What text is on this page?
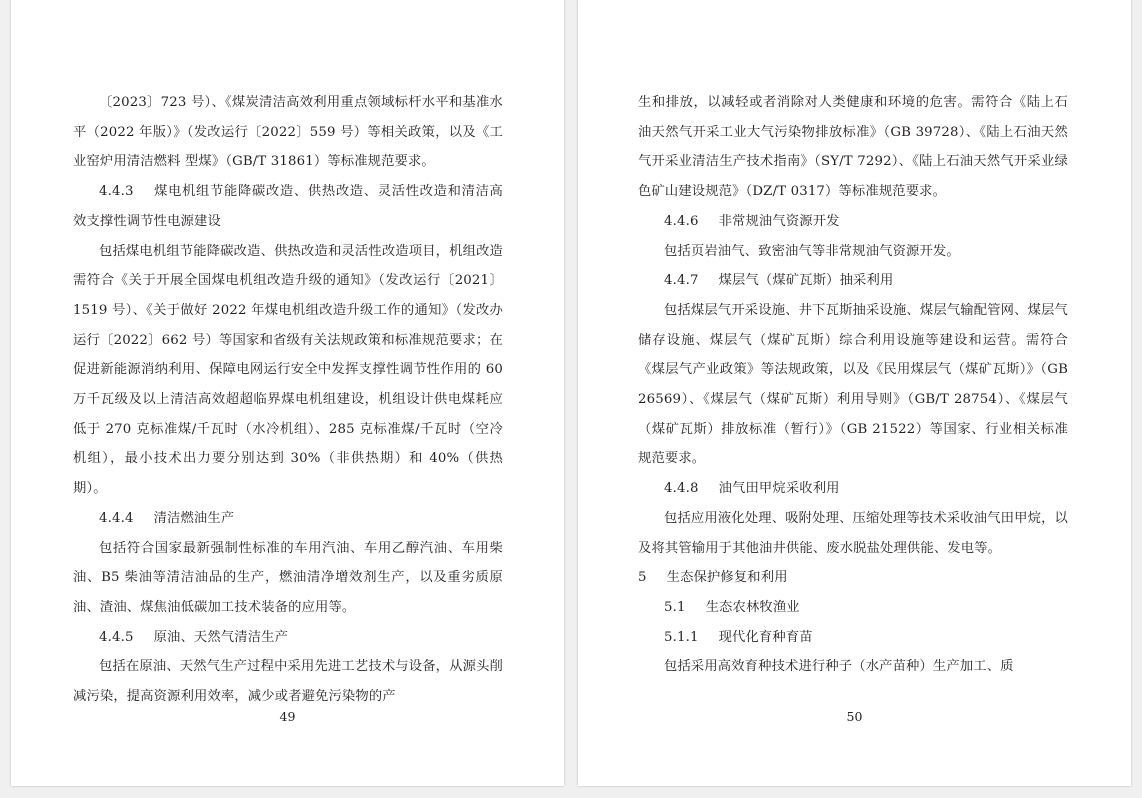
〔2023〕723 号）、《煤炭清洁高效利用重点领域标杆水平和基准水平（2022 年版）》（发改运行〔2022〕559 号）等相关政策，以及《工业窑炉用清洁燃料 型煤》（GB/T 31861）等标准规范要求。

4.4.3 煤电机组节能降碳改造、供热改造、灵活性改造和清洁高效支撑性调节性电源建设

包括煤电机组节能降碳改造、供热改造和灵活性改造项目，机组改造需符合《关于开展全国煤电机组改造升级的通知》（发改运行〔2021〕1519 号）、《关于做好 2022 年煤电机组改造升级工作的通知》（发改办运行〔2022〕662 号）等国家和省级有关法规政策和标准规范要求；在促进新能源消纳利用、保障电网运行安全中发挥支撑性调节性作用的 60 万千瓦级及以上清洁高效超超临界煤电机组建设，机组设计供电煤耗应低于 270 克标准煤/千瓦时（水冷机组）、285 克标准煤/千瓦时（空冷机组），最小技术出力要分别达到 30%（非供热期）和 40%（供热期）。

4.4.4 清洁燃油生产

包括符合国家最新强制性标准的车用汽油、车用乙醇汽油、车用柴油、B5 柴油等清洁油品的生产，燃油清净增效剂生产，以及重劣质原油、渣油、煤焦油低碳加工技术装备的应用等。

4.4.5 原油、天然气清洁生产

包括在原油、天然气生产过程中采用先进工艺技术与设备，从源头削减污染，提高资源利用效率，减少或者避免污染物的产

49

生和排放，以减轻或者消除对人类健康和环境的危害。需符合《陆上石油天然气开采工业大气污染物排放标准》（GB 39728）、《陆上石油天然气开采业清洁生产技术指南》（SY/T 7292）、《陆上石油天然气开采业绿色矿山建设规范》（DZ/T 0317）等标准规范要求。

4.4.6 非常规油气资源开发

包括页岩油气、致密油气等非常规油气资源开发。

4.4.7 煤层气（煤矿瓦斯）抽采利用

包括煤层气开采设施、井下瓦斯抽采设施、煤层气输配管网、煤层气储存设施、煤层气（煤矿瓦斯）综合利用设施等建设和运营。需符合《煤层气产业政策》等法规政策，以及《民用煤层气（煤矿瓦斯）》（GB 26569）、《煤层气（煤矿瓦斯）利用导则》（GB/T 28754）、《煤层气（煤矿瓦斯）排放标准（暂行）》（GB 21522）等国家、行业相关标准规范要求。

4.4.8 油气田甲烷采收利用

包括应用液化处理、吸附处理、压缩处理等技术采收油气田甲烷，以及将其管输用于其他油井供能、废水脱盐处理供能、发电等。

5 生态保护修复和利用

5.1 生态农林牧渔业

5.1.1 现代化育种育苗

包括采用高效育种技术进行种子（水产苗种）生产加工、质

50
